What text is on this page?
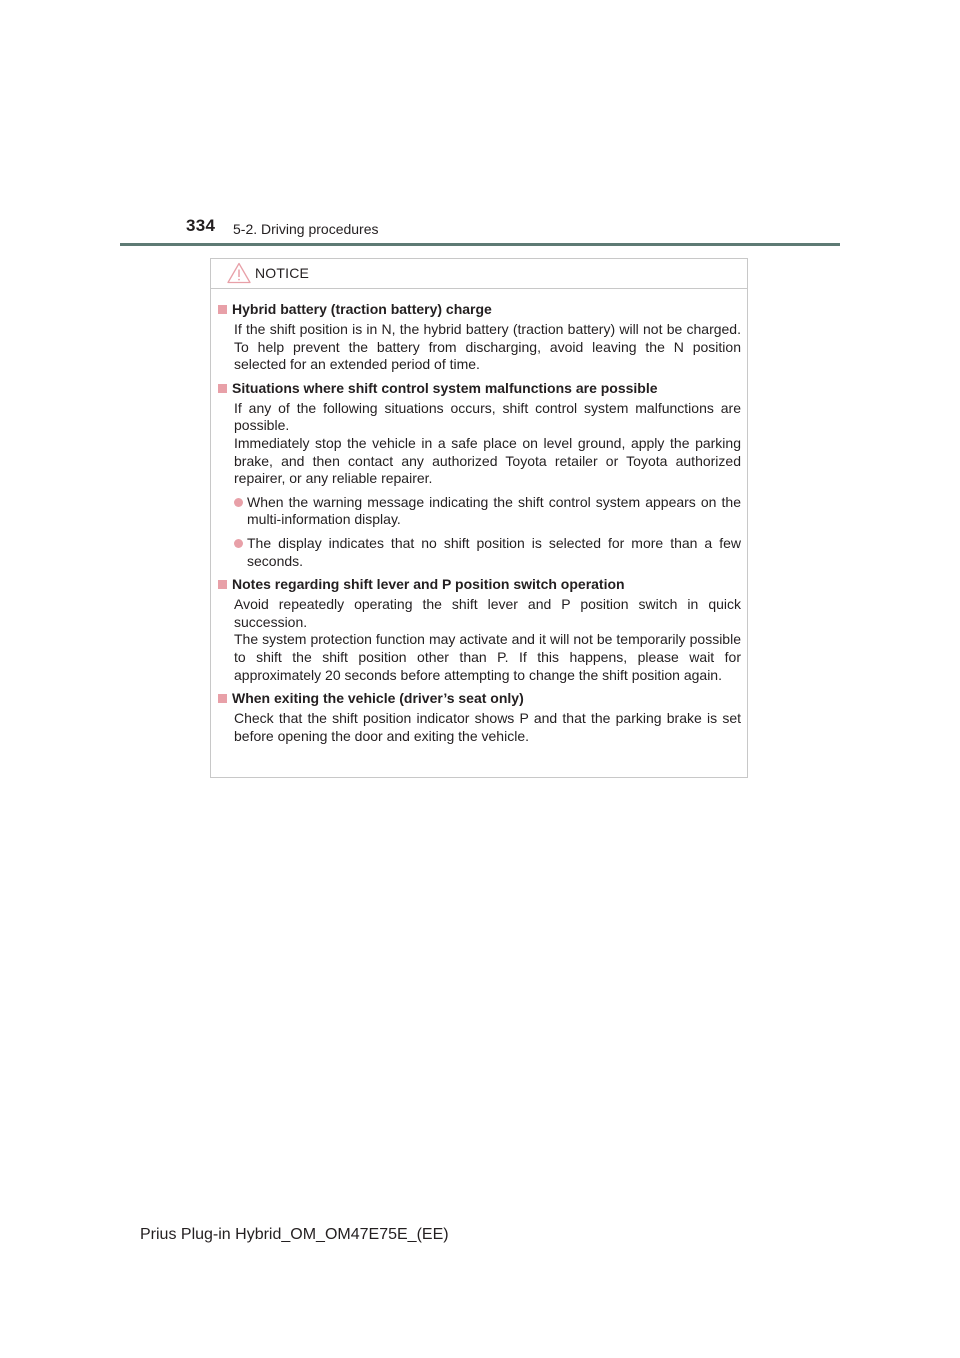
334 5-2. Driving procedures
NOTICE
Hybrid battery (traction battery) charge
If the shift position is in N, the hybrid battery (traction battery) will not be charged. To help prevent the battery from discharging, avoid leaving the N position selected for an extended period of time.
Situations where shift control system malfunctions are possible
If any of the following situations occurs, shift control system malfunctions are possible.
Immediately stop the vehicle in a safe place on level ground, apply the parking brake, and then contact any authorized Toyota retailer or Toyota authorized repairer, or any reliable repairer.
When the warning message indicating the shift control system appears on the multi-information display.
The display indicates that no shift position is selected for more than a few seconds.
Notes regarding shift lever and P position switch operation
Avoid repeatedly operating the shift lever and P position switch in quick succession.
The system protection function may activate and it will not be temporarily possible to shift the shift position other than P. If this happens, please wait for approximately 20 seconds before attempting to change the shift position again.
When exiting the vehicle (driver’s seat only)
Check that the shift position indicator shows P and that the parking brake is set before opening the door and exiting the vehicle.
Prius Plug-in Hybrid_OM_OM47E75E_(EE)
